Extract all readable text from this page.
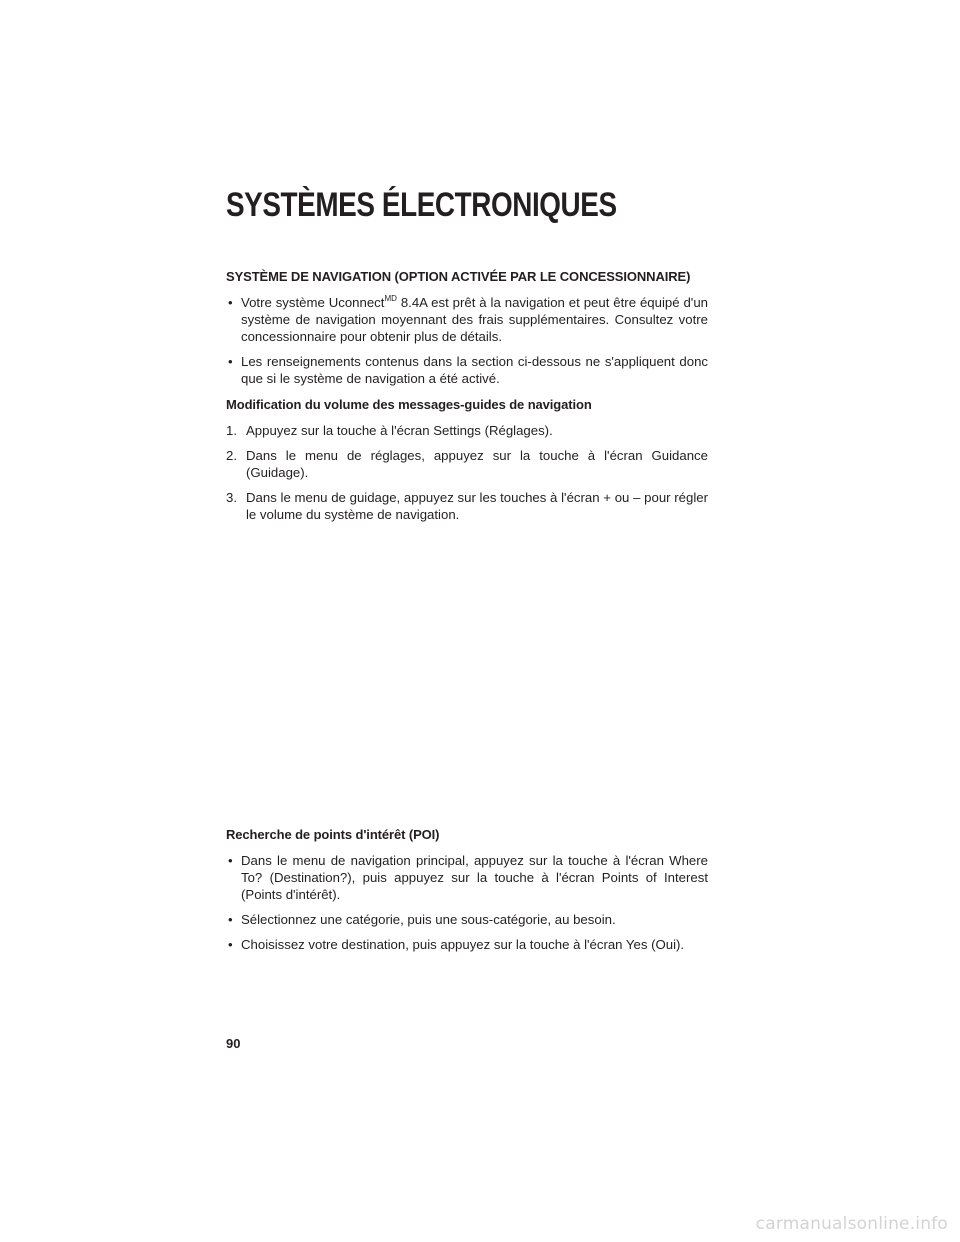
SYSTÈMES ÉLECTRONIQUES
SYSTÈME DE NAVIGATION (OPTION ACTIVÉE PAR LE CONCESSIONNAIRE)
• Votre système Uconnect$^{MD}$ 8.4A est prêt à la navigation et peut être équipé d'un système de navigation moyennant des frais supplémentaires. Consultez votre concessionnaire pour obtenir plus de détails.
• Les renseignements contenus dans la section ci-dessous ne s'appliquent donc que si le système de navigation a été activé.
Modification du volume des messages-guides de navigation
1. Appuyez sur la touche à l'écran Settings (Réglages).
2. Dans le menu de réglages, appuyez sur la touche à l'écran Guidance (Guidage).
3. Dans le menu de guidage, appuyez sur les touches à l'écran + ou – pour régler le volume du système de navigation.
Recherche de points d'intérêt (POI)
• Dans le menu de navigation principal, appuyez sur la touche à l'écran Where To? (Destination?), puis appuyez sur la touche à l'écran Points of Interest (Points d'intérêt).
• Sélectionnez une catégorie, puis une sous-catégorie, au besoin.
• Choisissez votre destination, puis appuyez sur la touche à l'écran Yes (Oui).
90
carmanualsonline.info
